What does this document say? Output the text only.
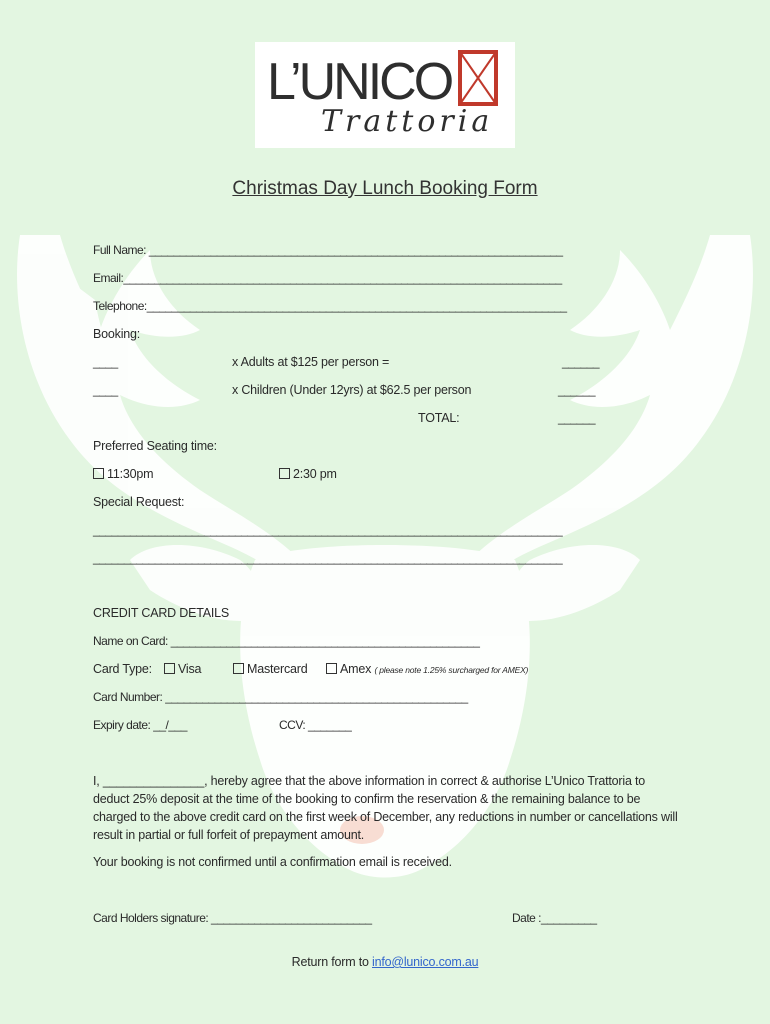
L’UNICO
Trattoria
Christmas Day Lunch Booking Form
Full Name: ___________________________________________________________________
Email:_______________________________________________________________________
Telephone:____________________________________________________________________
Booking:
____	x Adults at $125 per person =	______
____	x Children (Under 12yrs) at $62.5 per person	______
TOTAL:	______
Preferred Seating time:
11:30pm	2:30 pm
Special Request:
____________________________________________________________________________
____________________________________________________________________________
CREDIT CARD DETAILS
Name on Card: __________________________________________________
Card Type:	Visa	Mastercard	Amex ( please note 1.25% surcharged for AMEX)
Card Number: _________________________________________________
Expiry date: __/___	CCV: _______
I, _______________, hereby agree that the above information in correct & authorise L’Unico Trattoria to deduct 25% deposit at the time of the booking to confirm the reservation & the remaining balance to be charged to the above credit card on the first week of December, any reductions in number or cancellations will result in partial or full forfeit of prepayment amount.
Your booking is not confirmed until a confirmation email is received.
Card Holders signature: __________________________	Date :_________
Return form to info@lunico.com.au
